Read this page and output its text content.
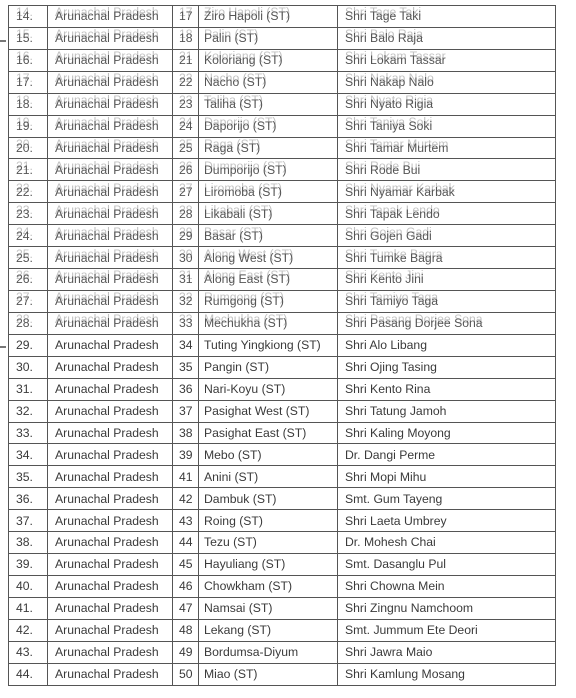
14.	Arunachal Pradesh	17	Ziro Hapoli (ST)	Shri Tage Taki
15.	Arunachal Pradesh	18	Palin (ST)	Shri Balo Raja
16.	Arunachal Pradesh	21	Koloriang (ST)	Shri Lokam Tassar
17.	Arunachal Pradesh	22	Nacho (ST)	Shri Nakap Nalo
18.	Arunachal Pradesh	23	Taliha (ST)	Shri Nyato Rigia
19.	Arunachal Pradesh	24	Daporijo (ST)	Shri Taniya Soki
20.	Arunachal Pradesh	25	Raga (ST)	Shri Tamar Murtem
21.	Arunachal Pradesh	26	Dumporijo (ST)	Shri Rode Bui
22.	Arunachal Pradesh	27	Liromoba (ST)	Shri Nyamar Karbak
23.	Arunachal Pradesh	28	Likabali (ST)	Shri Tapak Lendo
24.	Arunachal Pradesh	29	Basar (ST)	Shri Gojen Gadi
25.	Arunachal Pradesh	30	Along West (ST)	Shri Tumke Bagra
26.	Arunachal Pradesh	31	Along East (ST)	Shri Kento Jini
27.	Arunachal Pradesh	32	Rumgong (ST)	Shri Tamiyo Taga
28.	Arunachal Pradesh	33	Mechukha (ST)	Shri Pasang Dorjee Sona
29.	Arunachal Pradesh	34	Tuting Yingkiong (ST)	Shri Alo Libang
30.	Arunachal Pradesh	35	Pangin (ST)	Shri Ojing Tasing
31.	Arunachal Pradesh	36	Nari-Koyu (ST)	Shri Kento Rina
32.	Arunachal Pradesh	37	Pasighat West (ST)	Shri Tatung Jamoh
33.	Arunachal Pradesh	38	Pasighat East (ST)	Shri Kaling Moyong
34.	Arunachal Pradesh	39	Mebo (ST)	Dr. Dangi Perme
35.	Arunachal Pradesh	41	Anini (ST)	Shri Mopi Mihu
36.	Arunachal Pradesh	42	Dambuk (ST)	Smt. Gum Tayeng
37.	Arunachal Pradesh	43	Roing (ST)	Shri Laeta Umbrey
38.	Arunachal Pradesh	44	Tezu (ST)	Dr. Mohesh Chai
39.	Arunachal Pradesh	45	Hayuliang (ST)	Smt. Dasanglu Pul
40.	Arunachal Pradesh	46	Chowkham (ST)	Shri Chowna Mein
41.	Arunachal Pradesh	47	Namsai (ST)	Shri Zingnu Namchoom
42.	Arunachal Pradesh	48	Lekang (ST)	Smt. Jummum Ete Deori
43.	Arunachal Pradesh	49	Bordumsa-Diyum	Shri Jawra Maio
44.	Arunachal Pradesh	50	Miao (ST)	Shri Kamlung Mosang
